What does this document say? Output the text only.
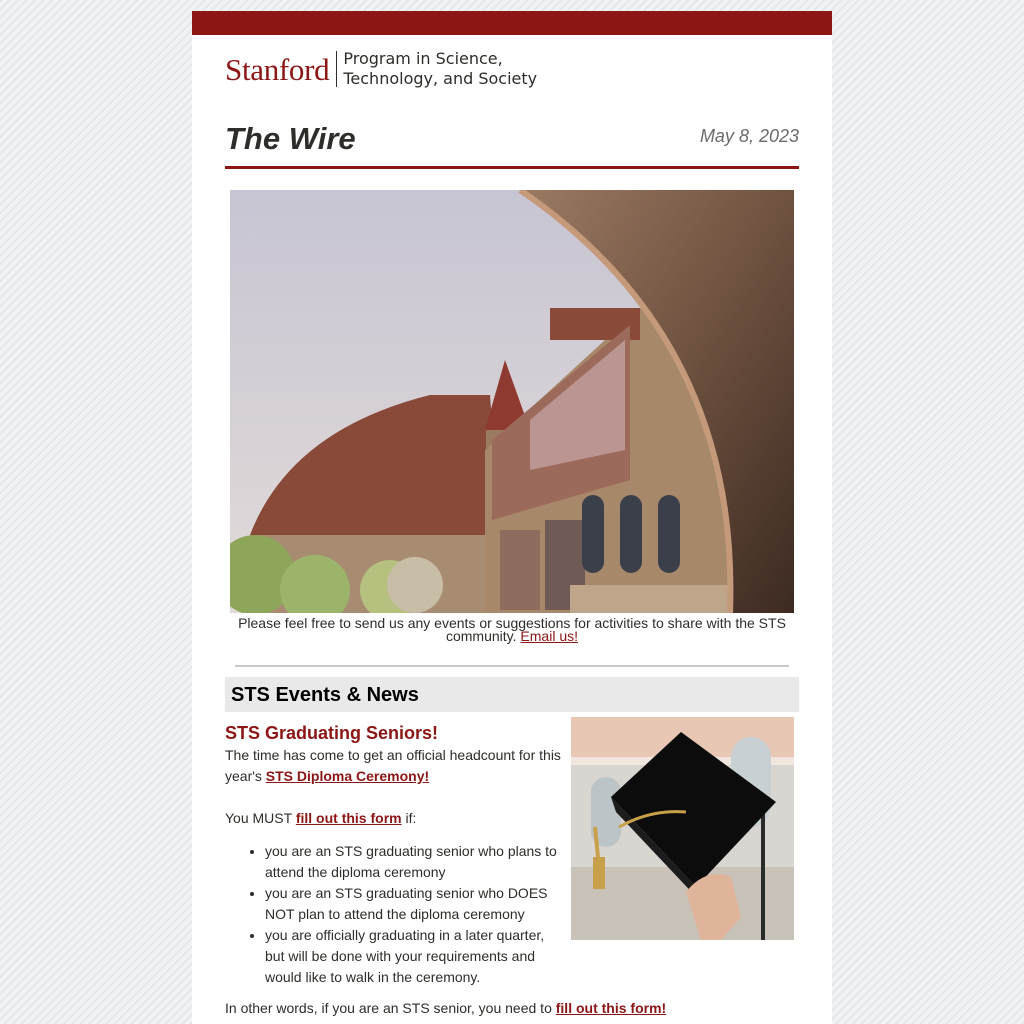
Stanford Program in Science,
Technology, and Society
The Wire	May 8, 2023
Please feel free to send us any events or suggestions for activities to share with the STS community. Email us!
STS Events & News
STS Graduating Seniors!

The time has come to get an official headcount for this year's STS Diploma Ceremony!

You MUST fill out this form if:

• you are an STS graduating senior who plans to attend the diploma ceremony
• you are an STS graduating senior who DOES NOT plan to attend the diploma ceremony
• you are officially graduating in a later quarter, but will be done with your requirements and would like to walk in the ceremony.
In other words, if you are an STS senior, you need to fill out this form!
